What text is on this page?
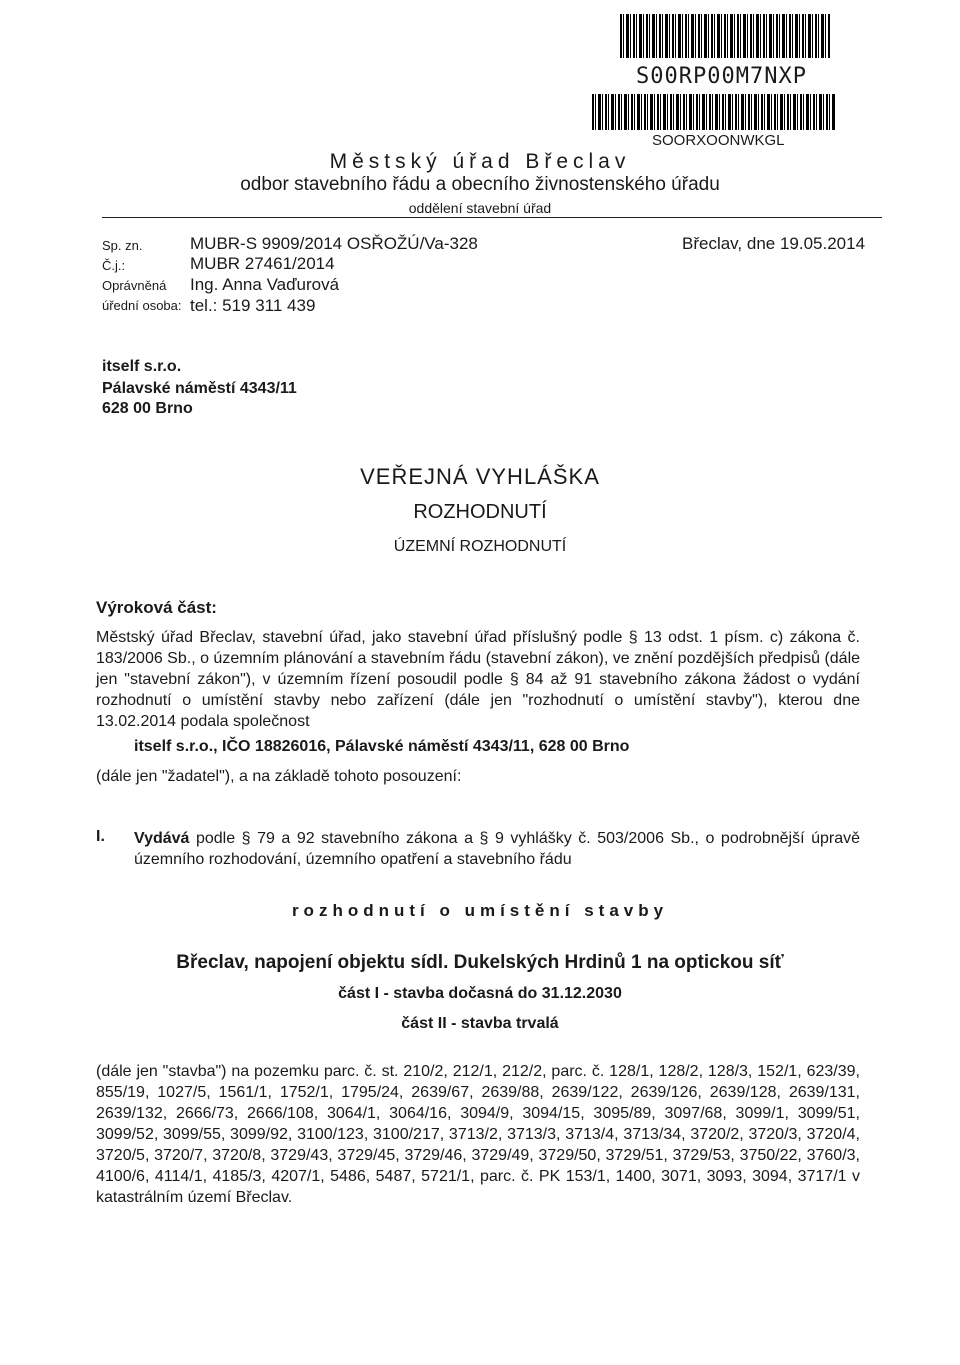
S00RP00M7NXP
SOORXOONWKGL
Městský úřad Břeclav
odbor stavebního řádu a obecního živnostenského úřadu
oddělení stavební úřad
Sp. zn.	MUBR-S 9909/2014 OSŘOŽÚ/Va-328	Břeclav, dne 19.05.2014
Č.j.:	MUBR 27461/2014
Oprávněná Ing. Anna Vaďurová
úřední osoba: tel.: 519 311 439
itself s.r.o.
Pálavské náměstí 4343/11
628 00 Brno
VEŘEJNÁ VYHLÁŠKA
ROZHODNUTÍ
ÚZEMNÍ ROZHODNUTÍ
Výroková část:
Městský úřad Břeclav, stavební úřad, jako stavební úřad příslušný podle § 13 odst. 1 písm. c) zákona č. 183/2006 Sb., o územním plánování a stavebním řádu (stavební zákon), ve znění pozdějších předpisů (dále jen "stavební zákon"), v územním řízení posoudil podle § 84 až 91 stavebního zákona žádost o vydání rozhodnutí o umístění stavby nebo zařízení (dále jen "rozhodnutí o umístění stavby"), kterou dne 13.02.2014 podala společnost
itself s.r.o., IČO 18826016, Pálavské náměstí 4343/11, 628 00 Brno
(dále jen "žadatel"), a na základě tohoto posouzení:
I. Vydává podle § 79 a 92 stavebního zákona a § 9 vyhlášky č. 503/2006 Sb., o podrobnější úpravě územního rozhodování, územního opatření a stavebního řádu
rozhodnutí o umístění stavby
Břeclav, napojení objektu sídl. Dukelských Hrdinů 1 na optickou síť
část I - stavba dočasná do 31.12.2030
část II - stavba trvalá
(dále jen "stavba") na pozemku parc. č. st. 210/2, 212/1, 212/2, parc. č. 128/1, 128/2, 128/3, 152/1, 623/39, 855/19, 1027/5, 1561/1, 1752/1, 1795/24, 2639/67, 2639/88, 2639/122, 2639/126, 2639/128, 2639/131, 2639/132, 2666/73, 2666/108, 3064/1, 3064/16, 3094/9, 3094/15, 3095/89, 3097/68, 3099/1, 3099/51, 3099/52, 3099/55, 3099/92, 3100/123, 3100/217, 3713/2, 3713/3, 3713/4, 3713/34, 3720/2, 3720/3, 3720/4, 3720/5, 3720/7, 3720/8, 3729/43, 3729/45, 3729/46, 3729/49, 3729/50, 3729/51, 3729/53, 3750/22, 3760/3, 4100/6, 4114/1, 4185/3, 4207/1, 5486, 5487, 5721/1, parc. č. PK 153/1, 1400, 3071, 3093, 3094, 3717/1 v katastrálním území Břeclav.
